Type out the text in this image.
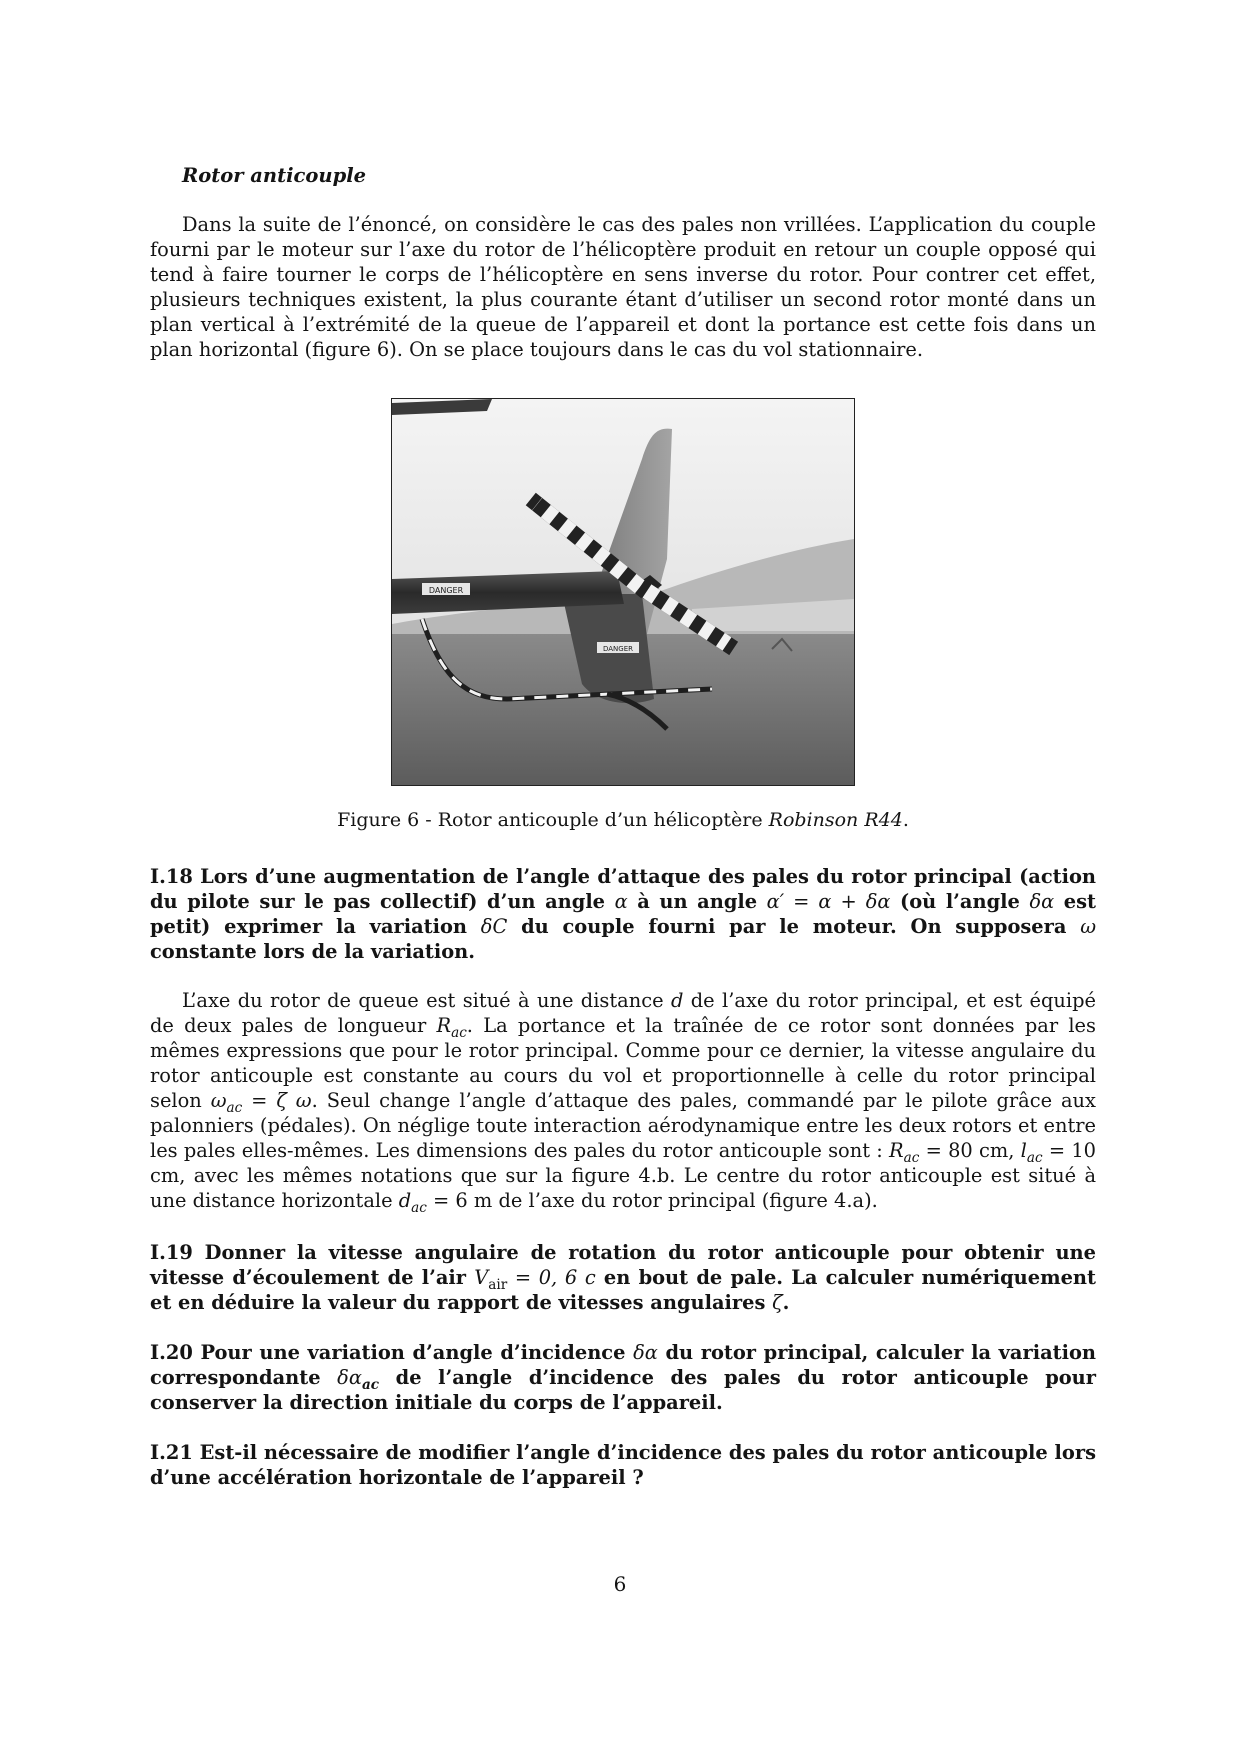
Rotor anticouple

Dans la suite de l’énoncé, on considère le cas des pales non vrillées. L’application du couple fourni par le moteur sur l’axe du rotor de l’hélicoptère produit en retour un couple opposé qui tend à faire tourner le corps de l’hélicoptère en sens inverse du rotor. Pour contrer cet effet, plusieurs techniques existent, la plus courante étant d’utiliser un second rotor monté dans un plan vertical à l’extrémité de la queue de l’appareil et dont la portance est cette fois dans un plan horizontal (figure 6). On se place toujours dans le cas du vol stationnaire.

DANGER
DANGER

Figure 6 - Rotor anticouple d’un hélicoptère Robinson R44.

I.18 Lors d’une augmentation de l’angle d’attaque des pales du rotor principal (action du pilote sur le pas collectif) d’un angle α à un angle α′ = α + δα (où l’angle δα est petit) exprimer la variation δC du couple fourni par le moteur. On supposera ω constante lors de la variation.

L’axe du rotor de queue est situé à une distance d de l’axe du rotor principal, et est équipé de deux pales de longueur $R_{ac}$. La portance et la traînée de ce rotor sont données par les mêmes expressions que pour le rotor principal. Comme pour ce dernier, la vitesse angulaire du rotor anticouple est constante au cours du vol et proportionnelle à celle du rotor principal selon $\omega_{ac} = \zeta$ ω. Seul change l’angle d’attaque des pales, commandé par le pilote grâce aux palonniers (pédales). On néglige toute interaction aérodynamique entre les deux rotors et entre les pales elles-mêmes. Les dimensions des pales du rotor anticouple sont : $R_{ac} = 80$ cm, $l_{ac} = 10$ cm, avec les mêmes notations que sur la figure 4.b. Le centre du rotor anticouple est situé à une distance horizontale $d_{ac} = 6$ m de l’axe du rotor principal (figure 4.a).

I.19 Donner la vitesse angulaire de rotation du rotor anticouple pour obtenir une vitesse d’écoulement de l’air $V_{air} = 0$, 6 c en bout de pale. La calculer numériquement et en déduire la valeur du rapport de vitesses angulaires ζ.

I.20 Pour une variation d’angle d’incidence δα du rotor principal, calculer la variation correspondante $\delta\alpha_{ac}$ de l’angle d’incidence des pales du rotor anticouple pour conserver la direction initiale du corps de l’appareil.

I.21 Est-il nécessaire de modifier l’angle d’incidence des pales du rotor anticouple lors d’une accélération horizontale de l’appareil ?

6
